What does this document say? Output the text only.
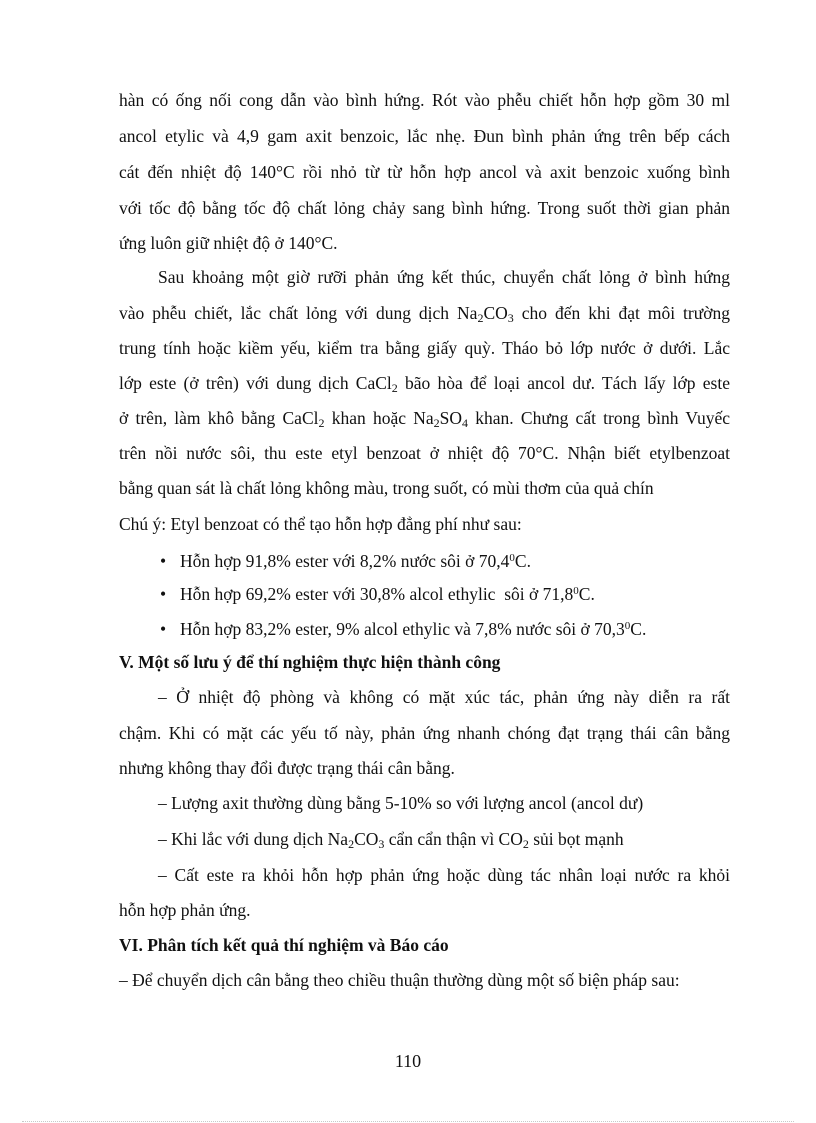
hàn có ống nối cong dẫn vào bình hứng. Rót vào phễu chiết hỗn hợp gồm 30 ml

ancol etylic và 4,9 gam axit benzoic, lắc nhẹ. Đun bình phản ứng trên bếp cách

cát đến nhiệt độ 140°C rồi nhỏ từ từ hỗn hợp ancol và axit benzoic xuống bình

với tốc độ bằng tốc độ chất lỏng chảy sang bình hứng. Trong suốt thời gian phản

ứng luôn giữ nhiệt độ ở 140°C.

Sau khoảng một giờ rưỡi phản ứng kết thúc, chuyển chất lỏng ở bình hứng

vào phễu chiết, lắc chất lỏng với dung dịch $Na_2CO_3$ cho đến khi đạt môi trường

trung tính hoặc kiềm yếu, kiểm tra bằng giấy quỳ. Tháo bỏ lớp nước ở dưới. Lắc

lớp este (ở trên) với dung dịch CaCl$_2$ bão hòa để loại ancol dư. Tách lấy lớp este

ở trên, làm khô bằng CaCl$_2$ khan hoặc $Na_2SO_4$ khan. Chưng cất trong bình Vuyếc

trên nồi nước sôi, thu este etyl benzoat ở nhiệt độ 70°C. Nhận biết etylbenzoat

bằng quan sát là chất lỏng không màu, trong suốt, có mùi thơm của quả chín

Chú ý: Etyl benzoat có thể tạo hỗn hợp đẳng phí như sau:

• Hỗn hợp 91,8% ester với 8,2% nước sôi ở 70,4$^0$C.

• Hỗn hợp 69,2% ester với 30,8% alcol ethylic  sôi ở 71,8$^0$C.

• Hỗn hợp 83,2% ester, 9% alcol ethylic và 7,8% nước sôi ở 70,3$^0$C.

V. Một số lưu ý để thí nghiệm thực hiện thành công

– Ở nhiệt độ phòng và không có mặt xúc tác, phản ứng này diễn ra rất

chậm. Khi có mặt các yếu tố này, phản ứng nhanh chóng đạt trạng thái cân bằng

nhưng không thay đổi được trạng thái cân bằng.

– Lượng axit thường dùng bằng 5-10% so với lượng ancol (ancol dư)

– Khi lắc với dung dịch $Na_2CO_3$ cẩn cẩn thận vì $CO_2$ sủi bọt mạnh

– Cất este ra khỏi hỗn hợp phản ứng hoặc dùng tác nhân loại nước ra khỏi

hỗn hợp phản ứng.

VI. Phân tích kết quả thí nghiệm và Báo cáo

– Để chuyển dịch cân bằng theo chiều thuận thường dùng một số biện pháp sau:

110
